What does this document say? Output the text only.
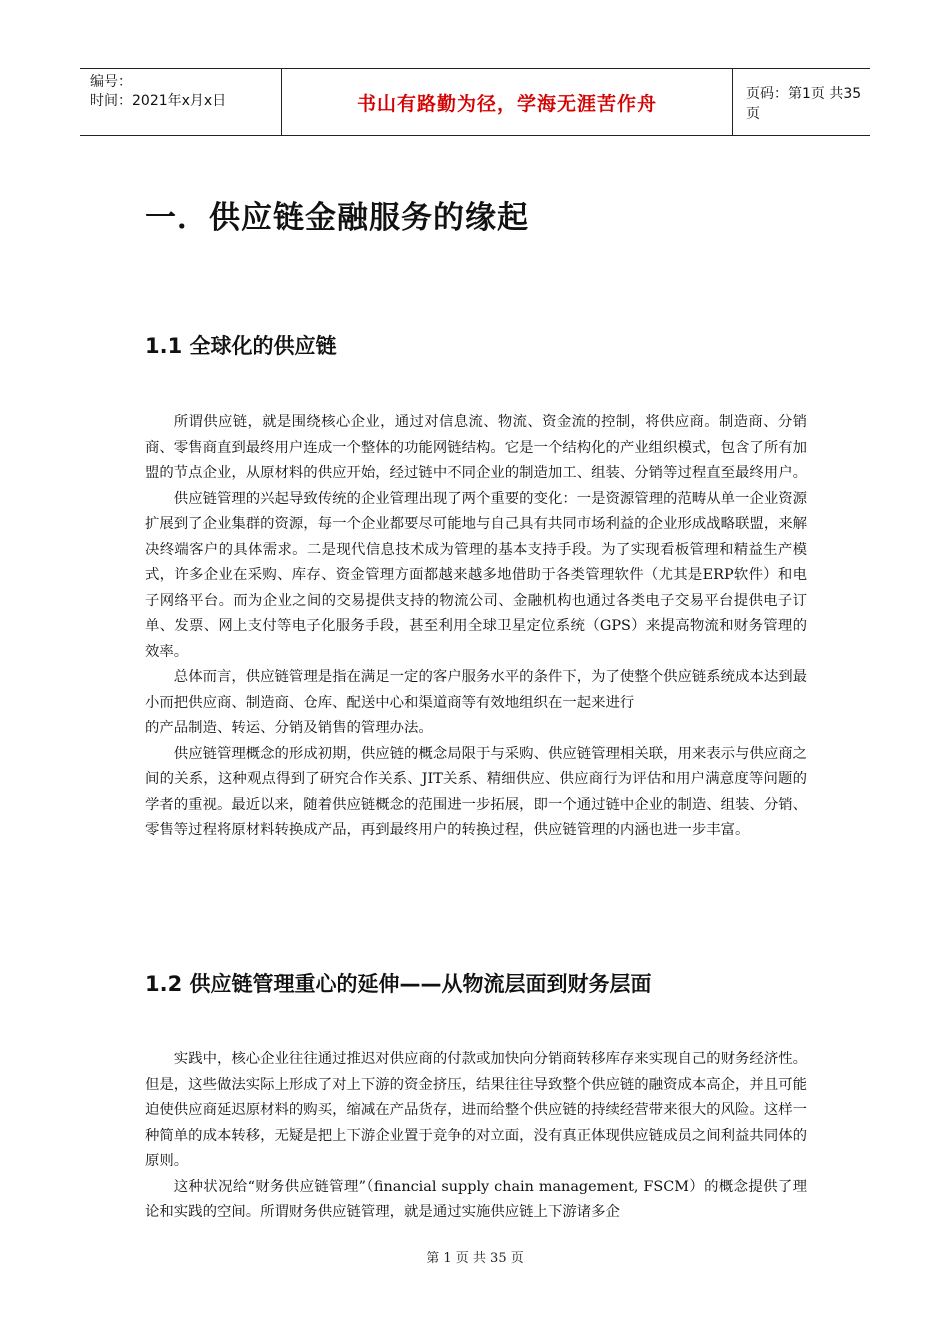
编号：
时间：2021年x月x日	书山有路勤为径，学海无涯苦作舟	页码：第1页 共35页
一．供应链金融服务的缘起
1.1 全球化的供应链

所谓供应链，就是围绕核心企业，通过对信息流、物流、资金流的控制，将供应商。制造商、分销商、零售商直到最终用户连成一个整体的功能网链结构。它是一个结构化的产业组织模式，包含了所有加盟的节点企业，从原材料的供应开始，经过链中不同企业的制造加工、组装、分销等过程直至最终用户。

供应链管理的兴起导致传统的企业管理出现了两个重要的变化：一是资源管理的范畴从单一企业资源扩展到了企业集群的资源，每一个企业都要尽可能地与自己具有共同市场利益的企业形成战略联盟，来解决终端客户的具体需求。二是现代信息技术成为管理的基本支持手段。为了实现看板管理和精益生产模式，许多企业在采购、库存、资金管理方面都越来越多地借助于各类管理软件（尤其是ERP软件）和电子网络平台。而为企业之间的交易提供支持的物流公司、金融机构也通过各类电子交易平台提供电子订单、发票、网上支付等电子化服务手段，甚至利用全球卫星定位系统（GPS）来提高物流和财务管理的效率。

总体而言，供应链管理是指在满足一定的客户服务水平的条件下，为了使整个供应链系统成本达到最小而把供应商、制造商、仓库、配送中心和渠道商等有效地组织在一起来进行

的产品制造、转运、分销及销售的管理办法。

供应链管理概念的形成初期，供应链的概念局限于与采购、供应链管理相关联，用来表示与供应商之间的关系，这种观点得到了研究合作关系、JIT关系、精细供应、供应商行为评估和用户满意度等问题的学者的重视。最近以来，随着供应链概念的范围进一步拓展，即一个通过链中企业的制造、组装、分销、零售等过程将原材料转换成产品，再到最终用户的转换过程，供应链管理的内涵也进一步丰富。

1.2 供应链管理重心的延伸——从物流层面到财务层面

实践中，核心企业往往通过推迟对供应商的付款或加快向分销商转移库存来实现自己的财务经济性。但是，这些做法实际上形成了对上下游的资金挤压，结果往往导致整个供应链的融资成本高企，并且可能迫使供应商延迟原材料的购买，缩减在产品货存，进而给整个供应链的持续经营带来很大的风险。这样一种简单的成本转移，无疑是把上下游企业置于竞争的对立面，没有真正体现供应链成员之间利益共同体的原则。

这种状况给“财务供应链管理”（financial supply chain management, FSCM）的概念提供了理论和实践的空间。所谓财务供应链管理，就是通过实施供应链上下游诸多企

第 1 页 共 35 页
